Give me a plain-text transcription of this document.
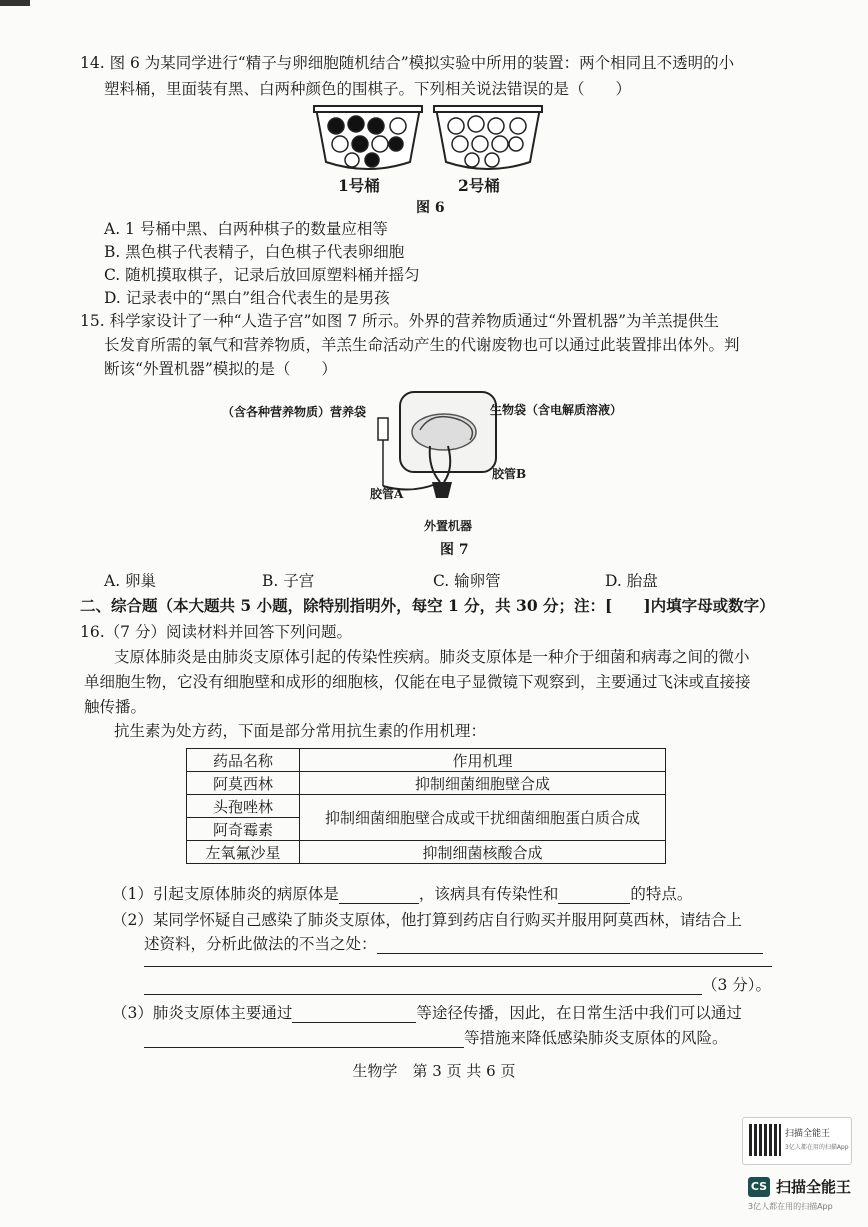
14. 图 6 为某同学进行“精子与卵细胞随机结合”模拟实验中所用的装置：两个相同且不透明的小
塑料桶，里面装有黑、白两种颜色的围棋子。下列相关说法错误的是（　　）
1号桶	2号桶
图 6
A. 1 号桶中黑、白两种棋子的数量应相等
B. 黑色棋子代表精子，白色棋子代表卵细胞
C. 随机摸取棋子，记录后放回原塑料桶并摇匀
D. 记录表中的“黑白”组合代表生的是男孩
15. 科学家设计了一种“人造子宫”如图 7 所示。外界的营养物质通过“外置机器”为羊羔提供生
长发育所需的氧气和营养物质，羊羔生命活动产生的代谢废物也可以通过此装置排出体外。判
断该“外置机器”模拟的是（　　）
（含各种营养物质）营养袋	生物袋（含电解质溶液）
胶管B
胶管A
外置机器
图 7
A. 卵巢	B. 子宫	C. 输卵管	D. 胎盘
二、综合题（本大题共 5 小题，除特别指明外，每空 1 分，共 30 分；注：[　　]内填字母或数字）
16.（7 分）阅读材料并回答下列问题。
支原体肺炎是由肺炎支原体引起的传染性疾病。肺炎支原体是一种介于细菌和病毒之间的微小
单细胞生物，它没有细胞壁和成形的细胞核，仅能在电子显微镜下观察到，主要通过飞沫或直接接
触传播。
抗生素为处方药，下面是部分常用抗生素的作用机理：
药品名称	作用机理
阿莫西林	抑制细菌细胞壁合成
头孢唑林	抑制细菌细胞壁合成或干扰细菌细胞蛋白质合成
阿奇霉素	
左氧氟沙星	抑制细菌核酸合成
（1）引起支原体肺炎的病原体是	，该病具有传染性和	的特点。
（2）某同学怀疑自己感染了肺炎支原体，他打算到药店自行购买并服用阿莫西林，请结合上
述资料，分析此做法的不当之处：
（3 分）。
（3）肺炎支原体主要通过	等途径传播，因此，在日常生活中我们可以通过
等措施来降低感染肺炎支原体的风险。
生物学　第 3 页 共 6 页
扫描全能王
3亿人都在用的扫描App
CS 扫描全能王
3亿人都在用的扫描App
